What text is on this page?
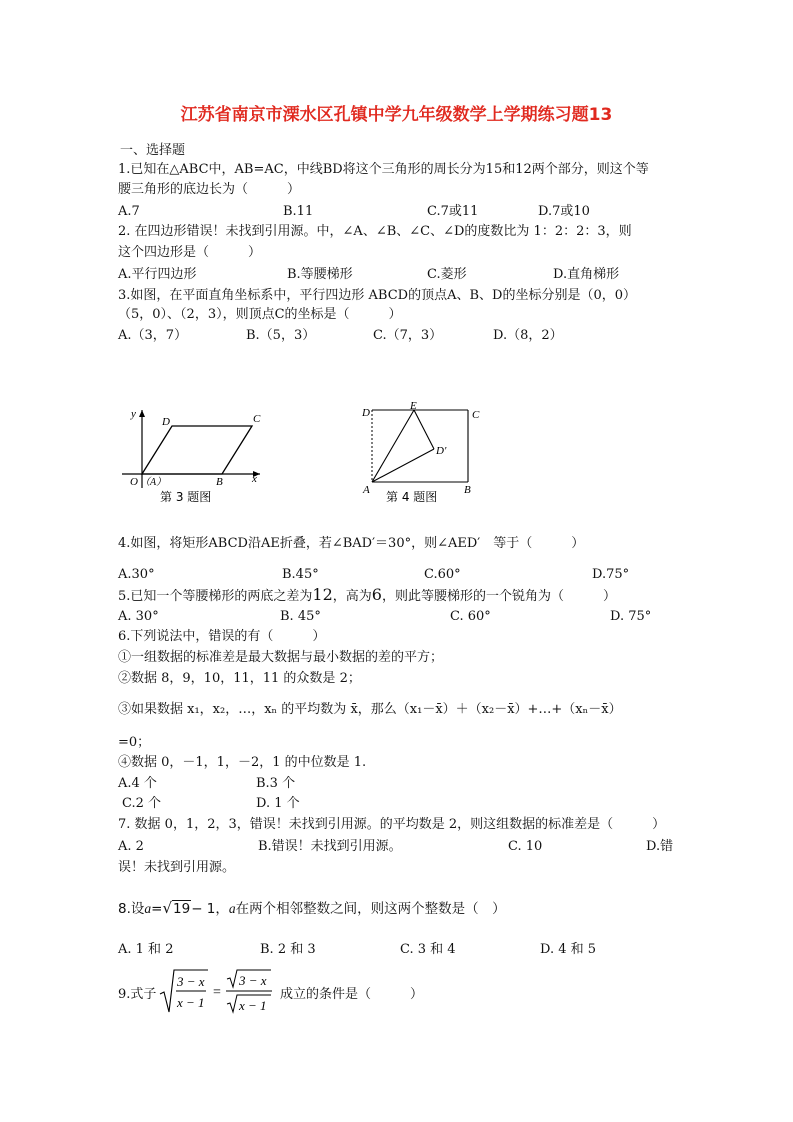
江苏省南京市溧水区孔镇中学九年级数学上学期练习题13
一、选择题
1.已知在△ABC中，AB=AC，中线BD将这个三角形的周长分为15和12两个部分，则这个等
腰三角形的底边长为（　　　）
A.7	B.11	C.7或11	D.7或10
2. 在四边形错误！未找到引用源。中，∠A、∠B、∠C、∠D的度数比为 1：2：2：3，则
这个四边形是（　　　）
A.平行四边形	B.等腰梯形	C.菱形	D.直角梯形
3.如图，在平面直角坐标系中，平行四边形 ABCD的顶点A、B、D的坐标分别是（0，0）
（5，0）、（2，3），则顶点C的坐标是（　　　）
A.（3，7）	B.（5，3）	C.（7，3）	D.（8，2）
y
x
D	C
O （A）	B
第 3 题图
D
E
C
D'
A	B
第 4 题图
4.如图，将矩形ABCD沿AE折叠，若∠BAD′＝30°，则∠AED′　等于（　　　）
A.30°	B.45°	C.60°	D.75°
5.已知一个等腰梯形的两底之差为12，高为6，则此等腰梯形的一个锐角为（　　　）
A. 30°	B. 45°	C. 60°	D. 75°
6.下列说法中，错误的有（　　　）
①一组数据的标准差是最大数据与最小数据的差的平方；
②数据 8，9，10，11，11 的众数是 2；
③如果数据 x₁，x₂，…，xₙ 的平均数为 x̄，那么（x₁－x̄）＋（x₂－x̄）+…+（xₙ－x̄）
=0；
④数据 0，－1，1，－2，1 的中位数是 1.
A.4 个	B.3 个
C.2 个	D. 1 个
7. 数据 0，1，2，3，错误！未找到引用源。的平均数是 2，则这组数据的标准差是（　　　）
A. 2	B.错误！未找到引用源。	C. 10	D.错
误！未找到引用源。
8.设a=√19− 1，a在两个相邻整数之间，则这两个整数是（　）
A. 1 和 2	B. 2 和 3	C. 3 和 4	D. 4 和 5
9.式子
3 − x
x − 1
=
3 − x
x − 1
成立的条件是（　　　）
